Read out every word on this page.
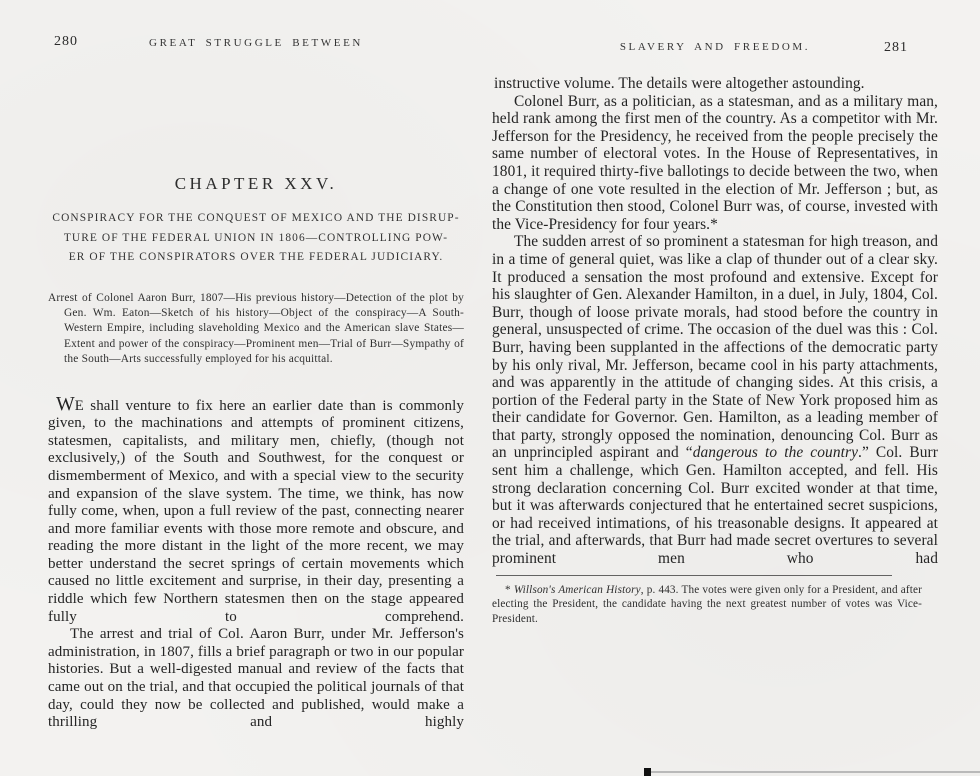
280	GREAT STRUGGLE BETWEEN
CHAPTER XXV.
CONSPIRACY FOR THE CONQUEST OF MEXICO AND THE DISRUP-
TURE OF THE FEDERAL UNION IN 1806—CONTROLLING POW-
ER OF THE CONSPIRATORS OVER THE FEDERAL JUDICIARY.

Arrest of Colonel Aaron Burr, 1807—His previous history—Detection of the plot by Gen. Wm. Eaton—Sketch of his history—Object of the conspiracy—A South-Western Empire, including slaveholding Mexico and the American slave States—Extent and power of the conspiracy—Prominent men—Trial of Burr—Sympathy of the South—Arts successfully employed for his acquittal.

WE shall venture to fix here an earlier date than is commonly given, to the machinations and attempts of prominent citizens, statesmen, capitalists, and military men, chiefly, (though not exclusively,) of the South and Southwest, for the conquest or dismemberment of Mexico, and with a special view to the security and expansion of the slave system. The time, we think, has now fully come, when, upon a full review of the past, connecting nearer and more familiar events with those more remote and obscure, and reading the more distant in the light of the more recent, we may better understand the secret springs of certain movements which caused no little excitement and surprise, in their day, presenting a riddle which few Northern statesmen then on the stage appeared fully to comprehend.

The arrest and trial of Col. Aaron Burr, under Mr. Jefferson's administration, in 1807, fills a brief paragraph or two in our popular histories. But a well-digested manual and review of the facts that came out on the trial, and that occupied the political journals of that day, could they now be collected and published, would make a thrilling and highly

SLAVERY AND FREEDOM.	281

instructive volume. The details were altogether astounding.

Colonel Burr, as a politician, as a statesman, and as a military man, held rank among the first men of the country. As a competitor with Mr. Jefferson for the Presidency, he received from the people precisely the same number of electoral votes. In the House of Representatives, in 1801, it required thirty-five ballotings to decide between the two, when a change of one vote resulted in the election of Mr. Jefferson ; but, as the Constitution then stood, Colonel Burr was, of course, invested with the Vice-Presidency for four years.*

The sudden arrest of so prominent a statesman for high treason, and in a time of general quiet, was like a clap of thunder out of a clear sky. It produced a sensation the most profound and extensive. Except for his slaughter of Gen. Alexander Hamilton, in a duel, in July, 1804, Col. Burr, though of loose private morals, had stood before the country in general, unsuspected of crime. The occasion of the duel was this : Col. Burr, having been supplanted in the affections of the democratic party by his only rival, Mr. Jefferson, became cool in his party attachments, and was apparently in the attitude of changing sides. At this crisis, a portion of the Federal party in the State of New York proposed him as their candidate for Governor. Gen. Hamilton, as a leading member of that party, strongly opposed the nomination, denouncing Col. Burr as an unprincipled aspirant and “dangerous to the country.” Col. Burr sent him a challenge, which Gen. Hamilton accepted, and fell. His strong declaration concerning Col. Burr excited wonder at that time, but it was afterwards conjectured that he entertained secret suspicions, or had received intimations, of his treasonable designs. It appeared at the trial, and afterwards, that Burr had made secret overtures to several prominent men who had

* Willson's American History, p. 443. The votes were given only for a President, and after electing the President, the candidate having the next greatest number of votes was Vice-President.
